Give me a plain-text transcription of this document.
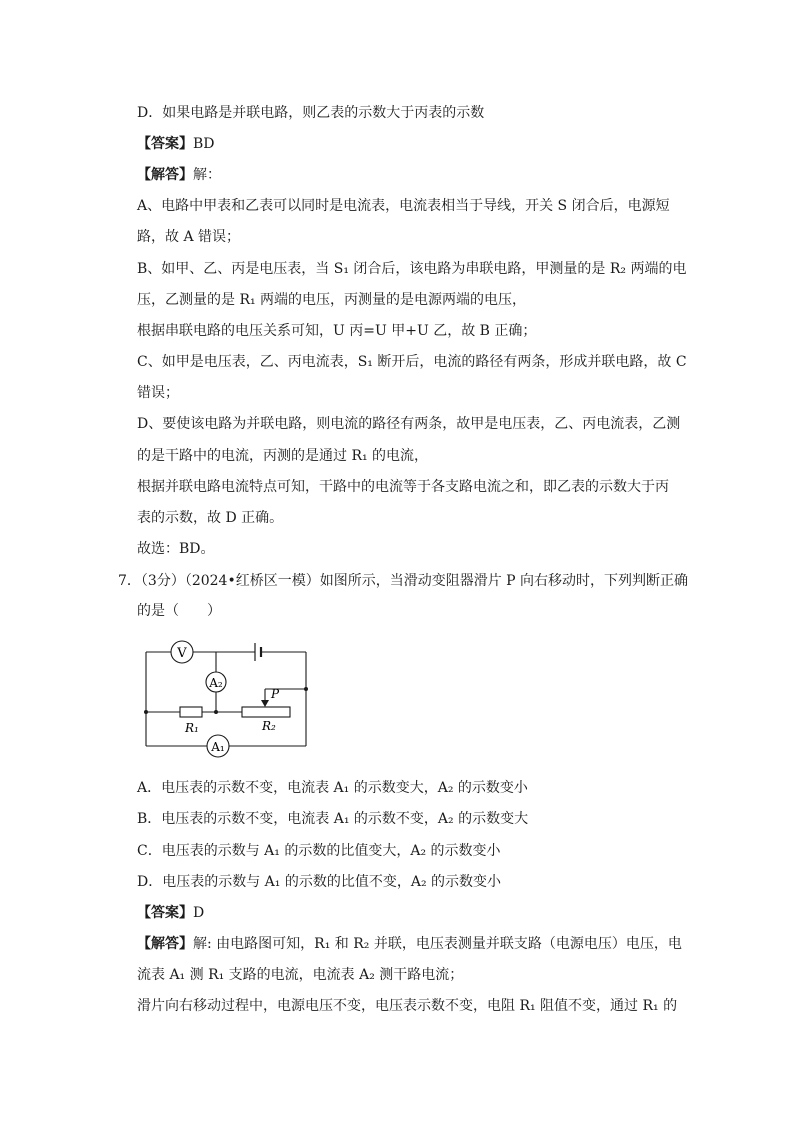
D．如果电路是并联电路，则乙表的示数大于丙表的示数
【答案】BD
【解答】解：
A、电路中甲表和乙表可以同时是电流表，电流表相当于导线，开关 S 闭合后，电源短
路，故 A 错误；
B、如甲、乙、丙是电压表，当 S₁ 闭合后，该电路为串联电路，甲测量的是 R₂ 两端的电
压，乙测量的是 R₁ 两端的电压，丙测量的是电源两端的电压，
根据串联电路的电压关系可知，U 丙=U 甲+U 乙，故 B 正确；
C、如甲是电压表，乙、丙电流表，S₁ 断开后，电流的路径有两条，形成并联电路，故 C
错误；
D、要使该电路为并联电路，则电流的路径有两条，故甲是电压表，乙、丙电流表，乙测
的是干路中的电流，丙测的是通过 R₁ 的电流，
根据并联电路电流特点可知，干路中的电流等于各支路电流之和，即乙表的示数大于丙
表的示数，故 D 正确。
故选：BD。
7．（3分）（2024•红桥区一模）如图所示，当滑动变阻器滑片 P 向右移动时，下列判断正确
的是（　　）
V
A₂
A₁
P
R₁	R₂
A．电压表的示数不变，电流表 A₁ 的示数变大，A₂ 的示数变小
B．电压表的示数不变，电流表 A₁ 的示数不变，A₂ 的示数变大
C．电压表的示数与 A₁ 的示数的比值变大，A₂ 的示数变小
D．电压表的示数与 A₁ 的示数的比值不变，A₂ 的示数变小
【答案】D
【解答】解: 由电路图可知，R₁ 和 R₂ 并联，电压表测量并联支路（电源电压）电压，电
流表 A₁ 测 R₁ 支路的电流，电流表 A₂ 测干路电流；
滑片向右移动过程中，电源电压不变，电压表示数不变，电阻 R₁ 阻值不变，通过 R₁ 的
